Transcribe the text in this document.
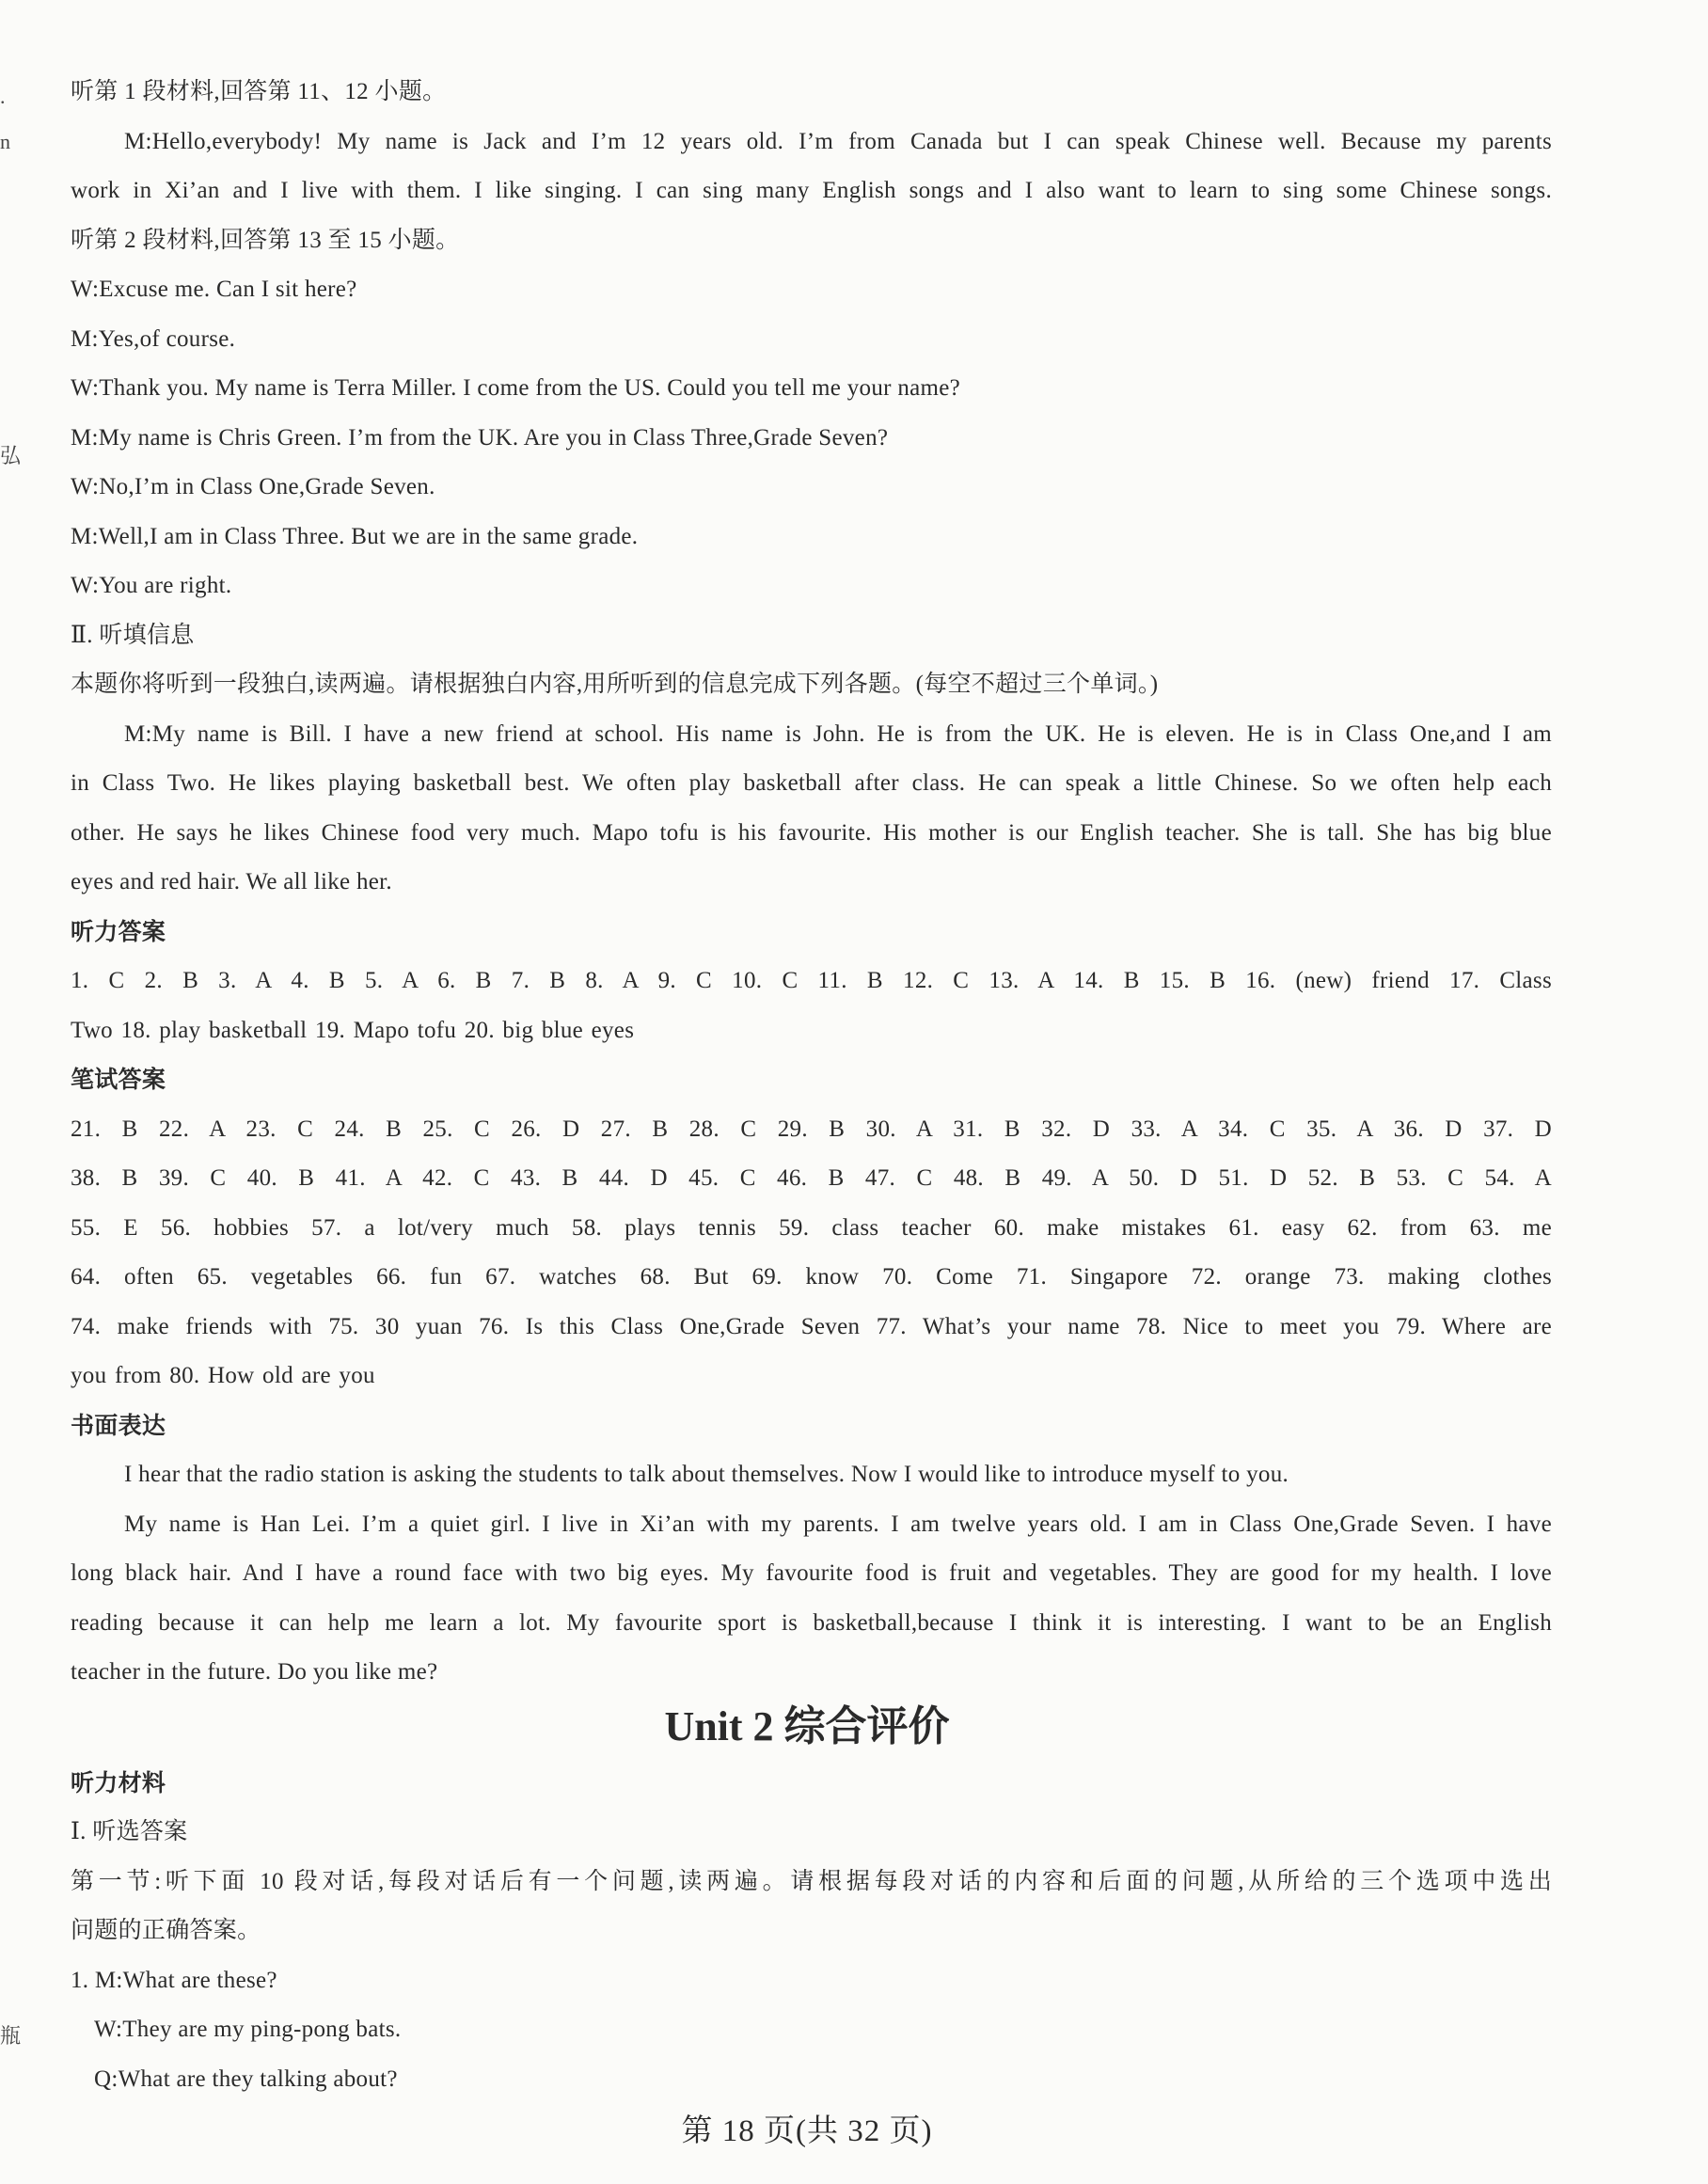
.
n
弘
瓶
听第 1 段材料,回答第 11、12 小题。
M:Hello,everybody! My name is Jack and I’m 12 years old. I’m from Canada but I can speak Chinese well. Because my parents
work in Xi’an and I live with them. I like singing. I can sing many English songs and I also want to learn to sing some Chinese songs.
听第 2 段材料,回答第 13 至 15 小题。
W:Excuse me. Can I sit here?
M:Yes,of course.
W:Thank you. My name is Terra Miller. I come from the US. Could you tell me your name?
M:My name is Chris Green. I’m from the UK. Are you in Class Three,Grade Seven?
W:No,I’m in Class One,Grade Seven.
M:Well,I am in Class Three. But we are in the same grade.
W:You are right.
Ⅱ. 听填信息
本题你将听到一段独白,读两遍。请根据独白内容,用所听到的信息完成下列各题。(每空不超过三个单词。)
M:My name is Bill. I have a new friend at school. His name is John. He is from the UK. He is eleven. He is in Class One,and I am
in Class Two. He likes playing basketball best. We often play basketball after class. He can speak a little Chinese. So we often help each
other. He says he likes Chinese food very much. Mapo tofu is his favourite. His mother is our English teacher. She is tall. She has big blue
eyes and red hair. We all like her.
听力答案
1. C 2. B 3. A 4. B 5. A 6. B 7. B 8. A 9. C 10. C 11. B 12. C 13. A 14. B 15. B 16. (new) friend 17. Class
Two 18. play basketball 19. Mapo tofu 20. big blue eyes
笔试答案
21. B 22. A 23. C 24. B 25. C 26. D 27. B 28. C 29. B 30. A 31. B 32. D 33. A 34. C 35. A 36. D 37. D
38. B 39. C 40. B 41. A 42. C 43. B 44. D 45. C 46. B 47. C 48. B 49. A 50. D 51. D 52. B 53. C 54. A
55. E 56. hobbies 57. a lot/very much 58. plays tennis 59. class teacher 60. make mistakes 61. easy 62. from 63. me
64. often 65. vegetables 66. fun 67. watches 68. But 69. know 70. Come 71. Singapore 72. orange 73. making clothes
74. make friends with 75. 30 yuan 76. Is this Class One,Grade Seven 77. What’s your name 78. Nice to meet you 79. Where are
you from 80. How old are you
书面表达
I hear that the radio station is asking the students to talk about themselves. Now I would like to introduce myself to you.
My name is Han Lei. I’m a quiet girl. I live in Xi’an with my parents. I am twelve years old. I am in Class One,Grade Seven. I have
long black hair. And I have a round face with two big eyes. My favourite food is fruit and vegetables. They are good for my health. I love
reading because it can help me learn a lot. My favourite sport is basketball,because I think it is interesting. I want to be an English
teacher in the future. Do you like me?
Unit 2 综合评价
听力材料
Ⅰ. 听选答案
第一节:听下面 10 段对话,每段对话后有一个问题,读两遍。请根据每段对话的内容和后面的问题,从所给的三个选项中选出
问题的正确答案。
1. M:What are these?
W:They are my ping-pong bats.
Q:What are they talking about?
第 18 页(共 32 页)
